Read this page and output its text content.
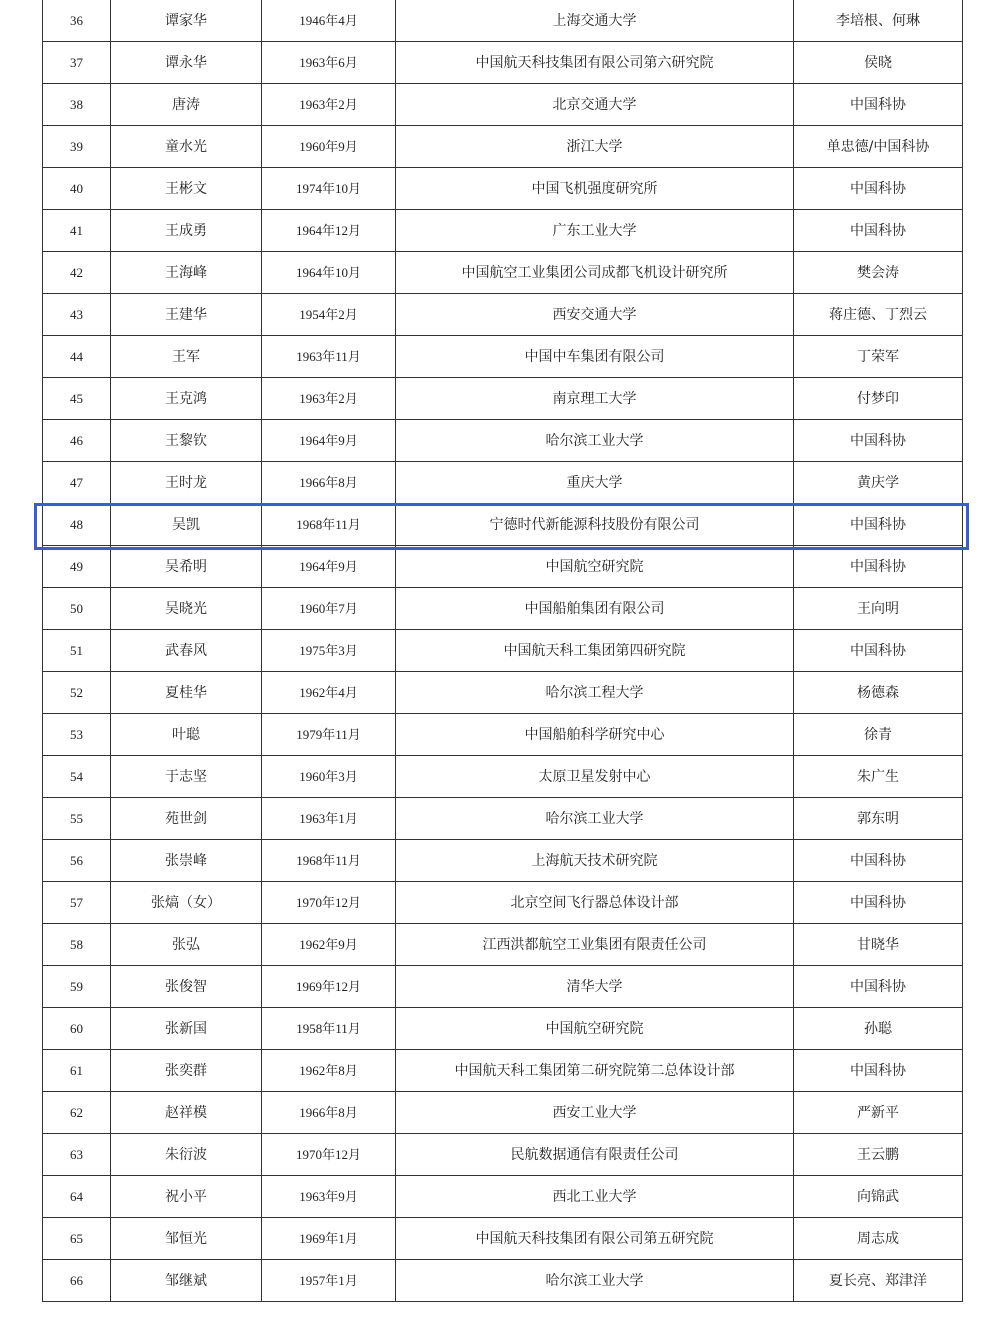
36	谭家华	1946年4月	上海交通大学	李培根、何琳
37	谭永华	1963年6月	中国航天科技集团有限公司第六研究院	侯晓
38	唐涛	1963年2月	北京交通大学	中国科协
39	童水光	1960年9月	浙江大学	单忠德/中国科协
40	王彬文	1974年10月	中国飞机强度研究所	中国科协
41	王成勇	1964年12月	广东工业大学	中国科协
42	王海峰	1964年10月	中国航空工业集团公司成都飞机设计研究所	樊会涛
43	王建华	1954年2月	西安交通大学	蒋庄德、丁烈云
44	王军	1963年11月	中国中车集团有限公司	丁荣军
45	王克鸿	1963年2月	南京理工大学	付梦印
46	王黎钦	1964年9月	哈尔滨工业大学	中国科协
47	王时龙	1966年8月	重庆大学	黄庆学
48	吴凯	1968年11月	宁德时代新能源科技股份有限公司	中国科协
49	吴希明	1964年9月	中国航空研究院	中国科协
50	吴晓光	1960年7月	中国船舶集团有限公司	王向明
51	武春风	1975年3月	中国航天科工集团第四研究院	中国科协
52	夏桂华	1962年4月	哈尔滨工程大学	杨德森
53	叶聪	1979年11月	中国船舶科学研究中心	徐青
54	于志坚	1960年3月	太原卫星发射中心	朱广生
55	苑世剑	1963年1月	哈尔滨工业大学	郭东明
56	张崇峰	1968年11月	上海航天技术研究院	中国科协
57	张熇（女）	1970年12月	北京空间飞行器总体设计部	中国科协
58	张弘	1962年9月	江西洪都航空工业集团有限责任公司	甘晓华
59	张俊智	1969年12月	清华大学	中国科协
60	张新国	1958年11月	中国航空研究院	孙聪
61	张奕群	1962年8月	中国航天科工集团第二研究院第二总体设计部	中国科协
62	赵祥模	1966年8月	西安工业大学	严新平
63	朱衍波	1970年12月	民航数据通信有限责任公司	王云鹏
64	祝小平	1963年9月	西北工业大学	向锦武
65	邹恒光	1969年1月	中国航天科技集团有限公司第五研究院	周志成
66	邹继斌	1957年1月	哈尔滨工业大学	夏长亮、郑津洋
